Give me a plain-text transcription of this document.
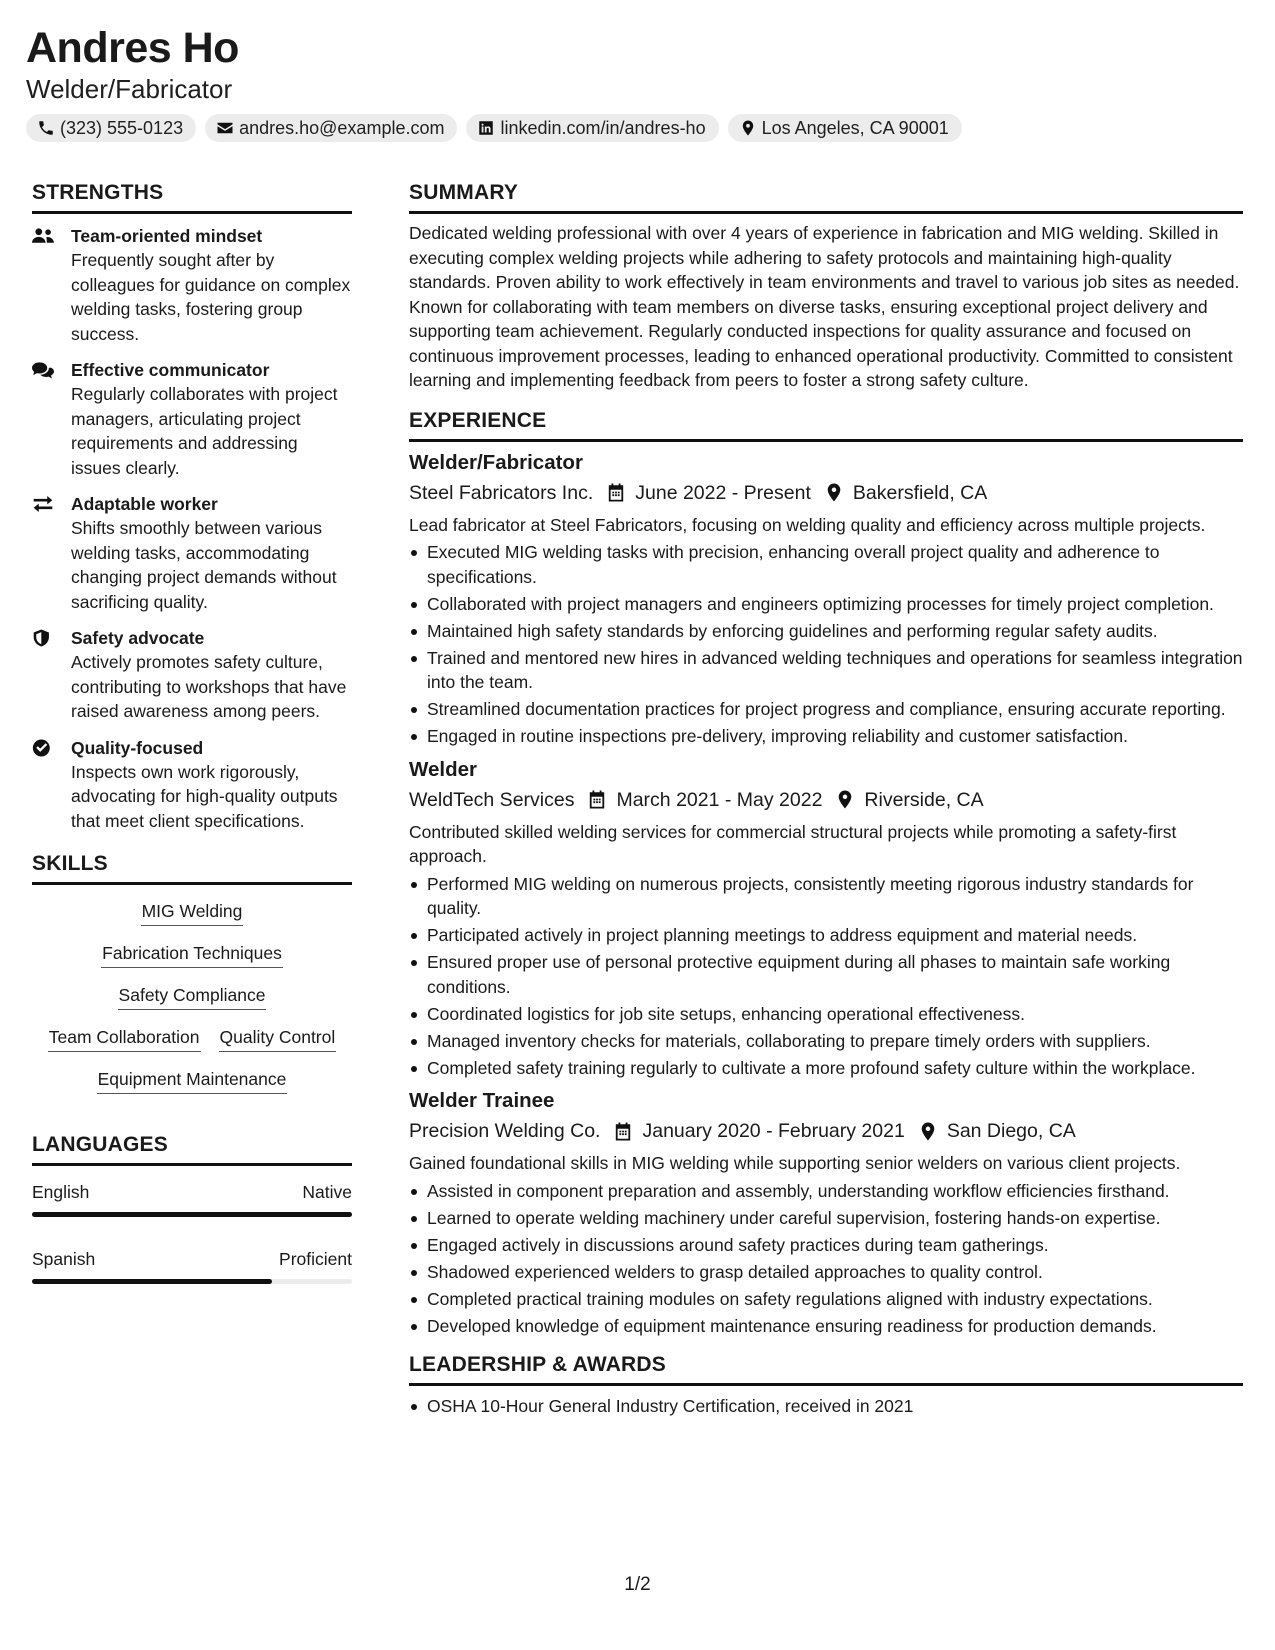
Andres Ho
Welder/Fabricator
(323) 555-0123	andres.ho@example.com	linkedin.com/in/andres-ho	Los Angeles, CA 90001
STRENGTHS
Team-oriented mindset
Frequently sought after by colleagues for guidance on complex welding tasks, fostering group success.
Effective communicator
Regularly collaborates with project managers, articulating project requirements and addressing issues clearly.
Adaptable worker
Shifts smoothly between various welding tasks, accommodating changing project demands without sacrificing quality.
Safety advocate
Actively promotes safety culture, contributing to workshops that have raised awareness among peers.
Quality-focused
Inspects own work rigorously, advocating for high-quality outputs that meet client specifications.
SKILLS
MIG Welding
Fabrication Techniques
Safety Compliance
Team Collaboration Quality Control
Equipment Maintenance
LANGUAGES
English	Native
Spanish	Proficient
SUMMARY
Dedicated welding professional with over 4 years of experience in fabrication and MIG welding. Skilled in executing complex welding projects while adhering to safety protocols and maintaining high-quality standards. Proven ability to work effectively in team environments and travel to various job sites as needed. Known for collaborating with team members on diverse tasks, ensuring exceptional project delivery and supporting team achievement. Regularly conducted inspections for quality assurance and focused on continuous improvement processes, leading to enhanced operational productivity. Committed to consistent learning and implementing feedback from peers to foster a strong safety culture.
EXPERIENCE
Welder/Fabricator
Steel Fabricators Inc. June 2022 - Present Bakersfield, CA
Lead fabricator at Steel Fabricators, focusing on welding quality and efficiency across multiple projects.
Executed MIG welding tasks with precision, enhancing overall project quality and adherence to specifications.
Collaborated with project managers and engineers optimizing processes for timely project completion.
Maintained high safety standards by enforcing guidelines and performing regular safety audits.
Trained and mentored new hires in advanced welding techniques and operations for seamless integration into the team.
Streamlined documentation practices for project progress and compliance, ensuring accurate reporting.
Engaged in routine inspections pre-delivery, improving reliability and customer satisfaction.
Welder
WeldTech Services March 2021 - May 2022 Riverside, CA
Contributed skilled welding services for commercial structural projects while promoting a safety-first approach.
Performed MIG welding on numerous projects, consistently meeting rigorous industry standards for quality.
Participated actively in project planning meetings to address equipment and material needs.
Ensured proper use of personal protective equipment during all phases to maintain safe working conditions.
Coordinated logistics for job site setups, enhancing operational effectiveness.
Managed inventory checks for materials, collaborating to prepare timely orders with suppliers.
Completed safety training regularly to cultivate a more profound safety culture within the workplace.
Welder Trainee
Precision Welding Co. January 2020 - February 2021 San Diego, CA
Gained foundational skills in MIG welding while supporting senior welders on various client projects.
Assisted in component preparation and assembly, understanding workflow efficiencies firsthand.
Learned to operate welding machinery under careful supervision, fostering hands-on expertise.
Engaged actively in discussions around safety practices during team gatherings.
Shadowed experienced welders to grasp detailed approaches to quality control.
Completed practical training modules on safety regulations aligned with industry expectations.
Developed knowledge of equipment maintenance ensuring readiness for production demands.
LEADERSHIP & AWARDS
OSHA 10-Hour General Industry Certification, received in 2021
1/2
